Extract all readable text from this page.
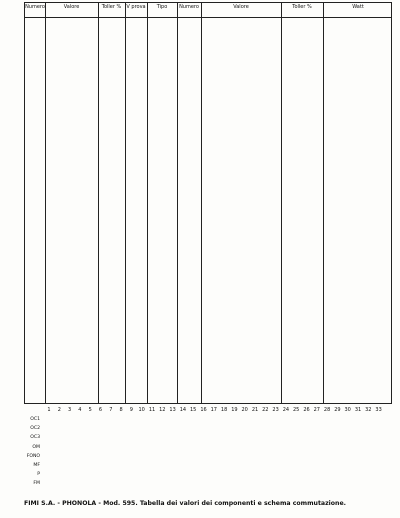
Numero	Valore	Toller %	V prova	Tipo	Numero	Valore	Toller %	Watt
1	2	3	4	5	6	7	8	9	10 11 12 13 14 15 16 17 18 19 20 21 22 23 24 25 26 27 28 29 30 31 32 33
OC1
OC2
OC3
OM
FONO
MF
P
FM
FIMI S.A. - PHONOLA - Mod. 595. Tabella dei valori dei componenti e schema commutazione.
